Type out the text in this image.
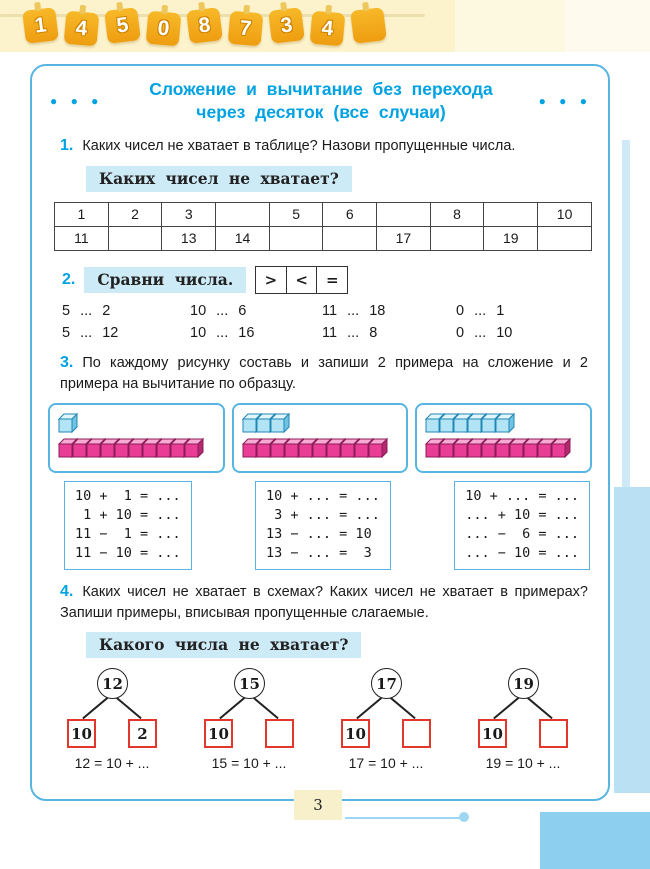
1	4	5	0	8	7	3	4
3
● ● ●
Сложение и вычитание без перехода
через десяток (все случаи)
● ● ●

1. Каких чисел не хватает в таблице? Назови пропущенные числа.

Каких чисел не хватает?
1	2	3		5	6		8		10
11		13	14			17		19	
2.	Сравни числа.	>	<	=
5 ... 2	10 ... 6	11 ... 18	0 ... 1
5 ... 12	10 ... 16	11 ... 8	0 ... 10

3. По каждому рисунку составь и запиши 2 примера на сложение и 2 примера на вычитание по образцу.

10 +  1 = ...
1 + 10 = ...
11 −  1 = ...
11 − 10 = ...
10 + ... = ...
3 + ... = ...
13 − ... = 10
13 − ... =  3
10 + ... = ...
... + 10 = ...
... −  6 = ...
... − 10 = ...

4. Каких чисел не хватает в схемах? Каких чисел не хватает в примерах? Запиши примеры, вписывая пропущенные слагаемые.

Какого числа не хватает?
12
10	2
15
10
17
10
19
10
12 = 10 + ...	15 = 10 + ...	17 = 10 + ...	19 = 10 + ...
